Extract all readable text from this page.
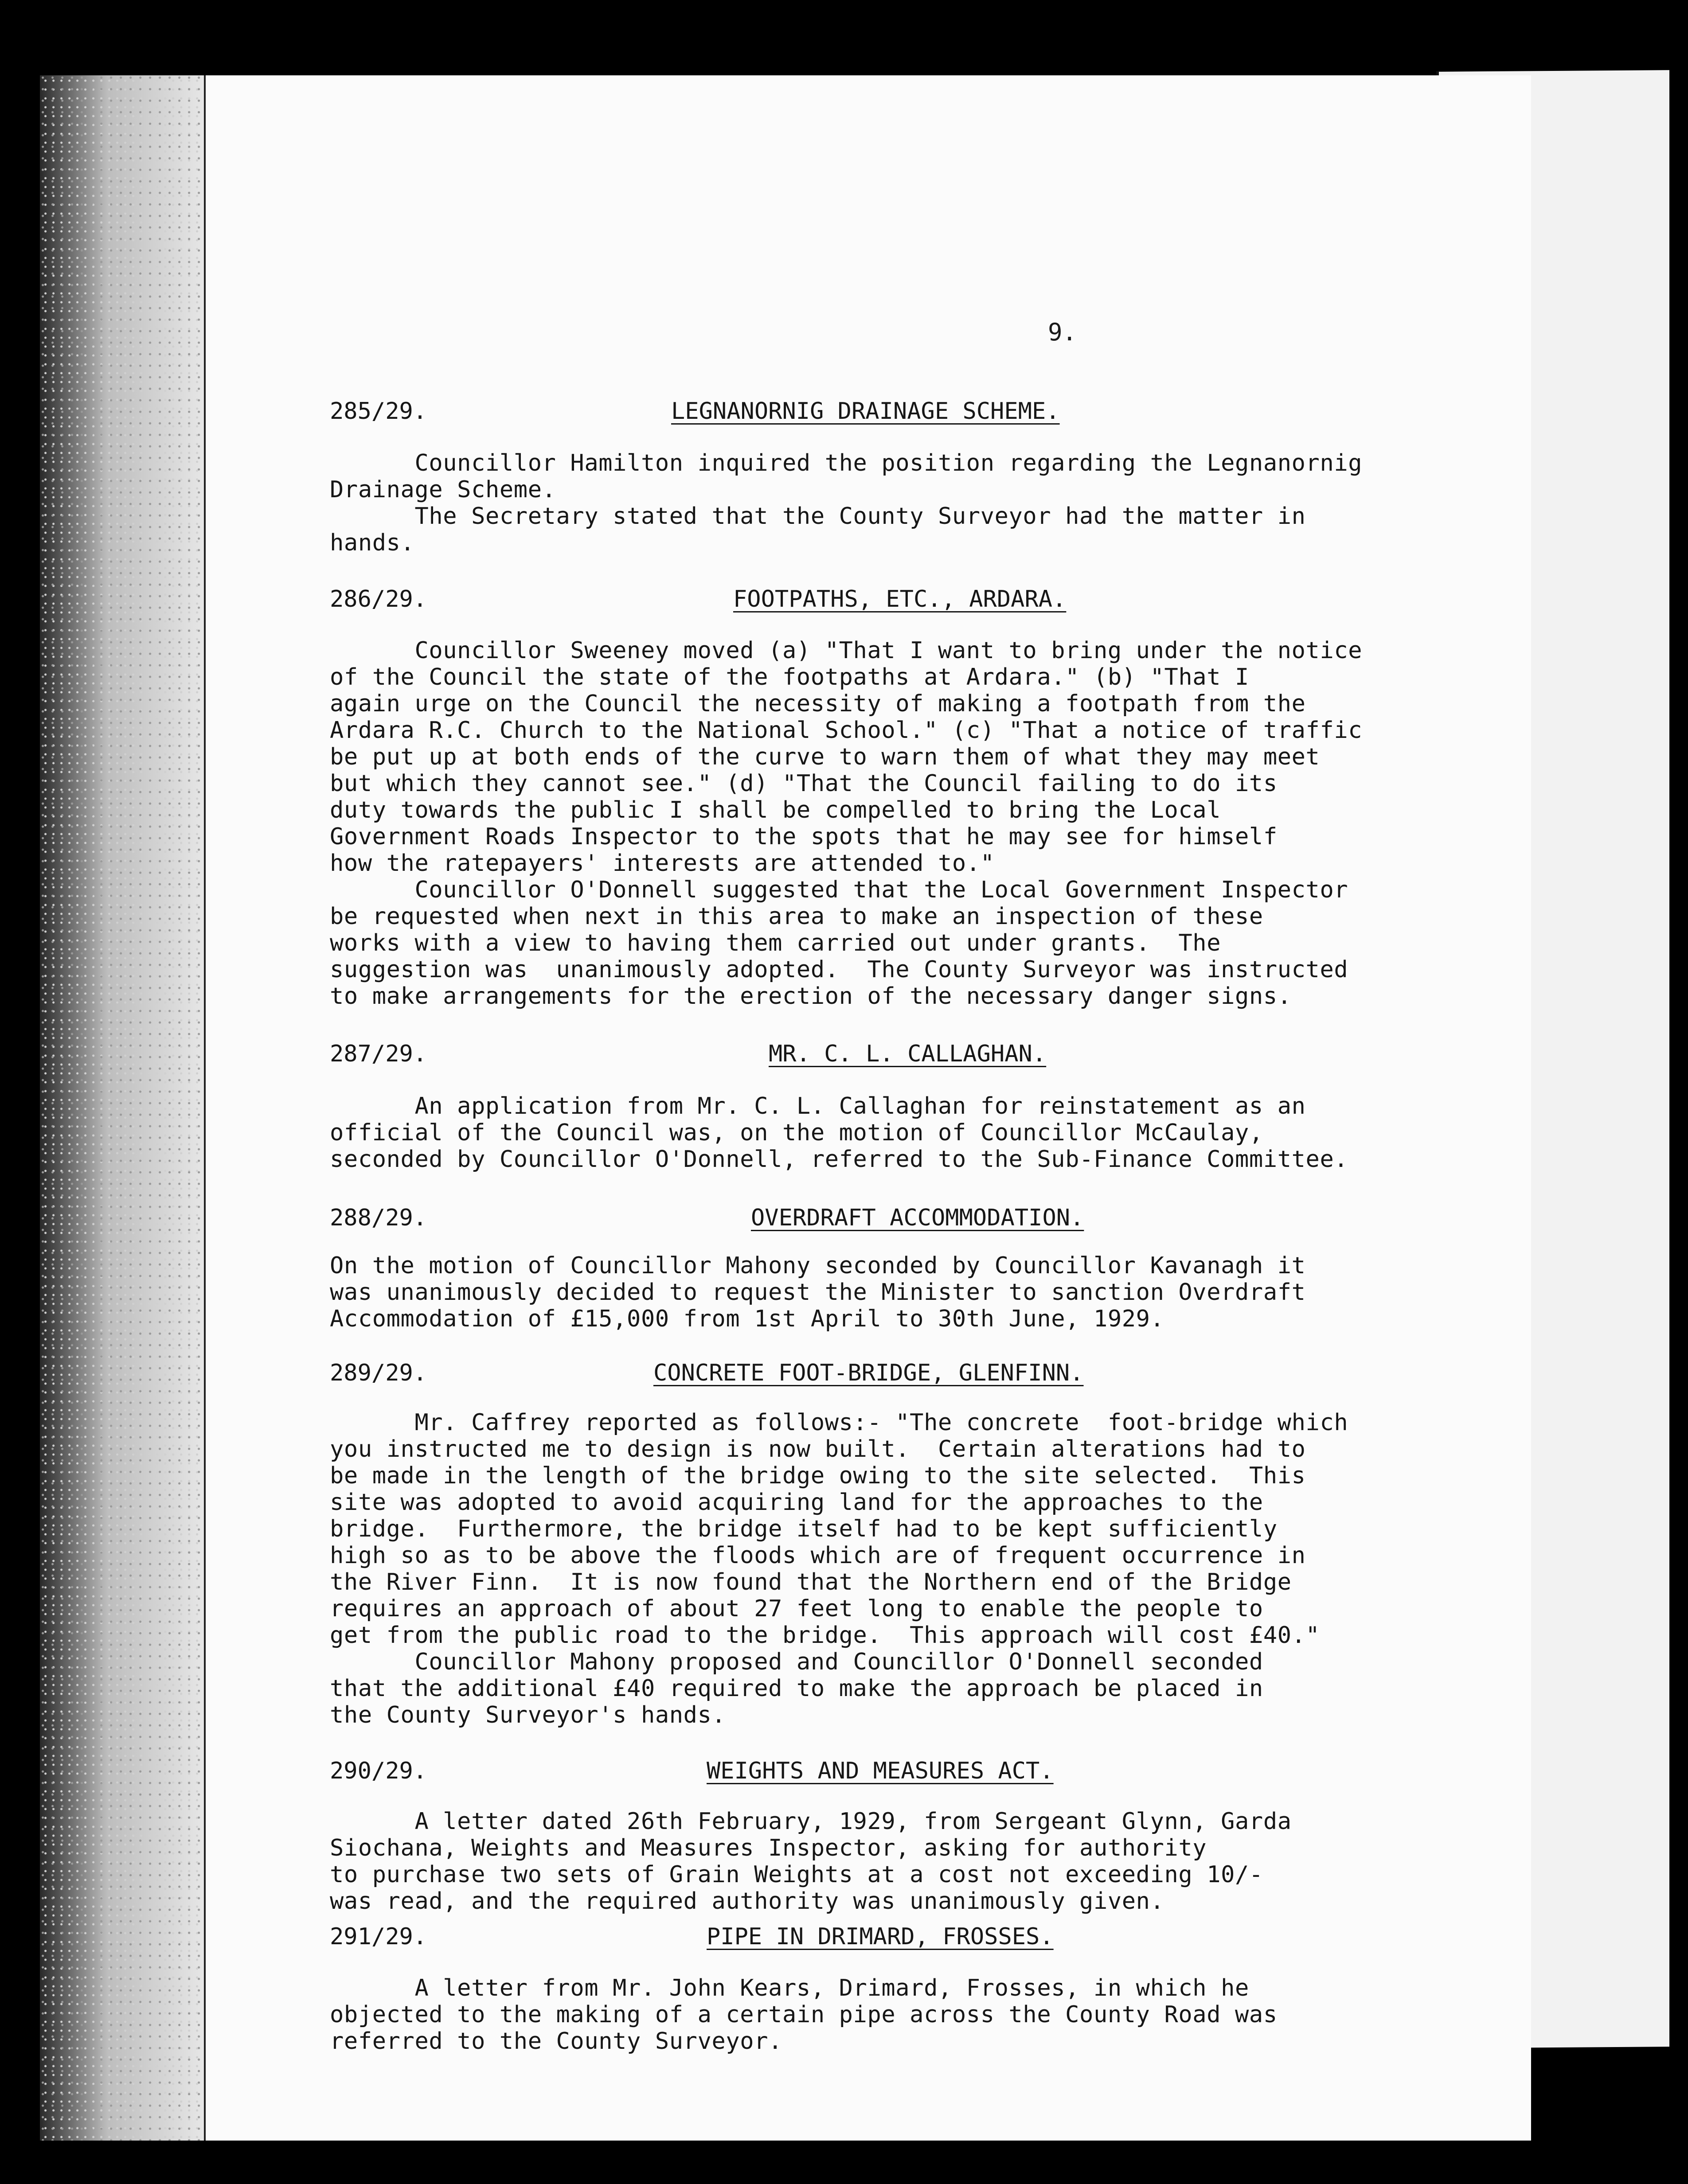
9.
285/29.	LEGNANORNIG DRAINAGE SCHEME.
Councillor Hamilton inquired the position regarding the Legnanornig
Drainage Scheme.
The Secretary stated that the County Surveyor had the matter in
hands.
286/29.	FOOTPATHS, ETC., ARDARA.
Councillor Sweeney moved (a) "That I want to bring under the notice
of the Council the state of the footpaths at Ardara." (b) "That I
again urge on the Council the necessity of making a footpath from the
Ardara R.C. Church to the National School." (c) "That a notice of traffic
be put up at both ends of the curve to warn them of what they may meet
but which they cannot see." (d) "That the Council failing to do its
duty towards the public I shall be compelled to bring the Local
Government Roads Inspector to the spots that he may see for himself
how the ratepayers' interests are attended to."
Councillor O'Donnell suggested that the Local Government Inspector
be requested when next in this area to make an inspection of these
works with a view to having them carried out under grants.  The
suggestion was  unanimously adopted.  The County Surveyor was instructed
to make arrangements for the erection of the necessary danger signs.
287/29.	MR. C. L. CALLAGHAN.
An application from Mr. C. L. Callaghan for reinstatement as an
official of the Council was, on the motion of Councillor McCaulay,
seconded by Councillor O'Donnell, referred to the Sub-Finance Committee.
288/29.	OVERDRAFT ACCOMMODATION.
On the motion of Councillor Mahony seconded by Councillor Kavanagh it
was unanimously decided to request the Minister to sanction Overdraft
Accommodation of £15,000 from 1st April to 30th June, 1929.
289/29.	CONCRETE FOOT-BRIDGE, GLENFINN.
Mr. Caffrey reported as follows:- "The concrete  foot-bridge which
you instructed me to design is now built.  Certain alterations had to
be made in the length of the bridge owing to the site selected.  This
site was adopted to avoid acquiring land for the approaches to the
bridge.  Furthermore, the bridge itself had to be kept sufficiently
high so as to be above the floods which are of frequent occurrence in
the River Finn.  It is now found that the Northern end of the Bridge
requires an approach of about 27 feet long to enable the people to
get from the public road to the bridge.  This approach will cost £40."
Councillor Mahony proposed and Councillor O'Donnell seconded
that the additional £40 required to make the approach be placed in
the County Surveyor's hands.
290/29.	WEIGHTS AND MEASURES ACT.
A letter dated 26th February, 1929, from Sergeant Glynn, Garda
Siochana, Weights and Measures Inspector, asking for authority
to purchase two sets of Grain Weights at a cost not exceeding 10/-
was read, and the required authority was unanimously given.
291/29.	PIPE IN DRIMARD, FROSSES.
A letter from Mr. John Kears, Drimard, Frosses, in which he
objected to the making of a certain pipe across the County Road was
referred to the County Surveyor.
